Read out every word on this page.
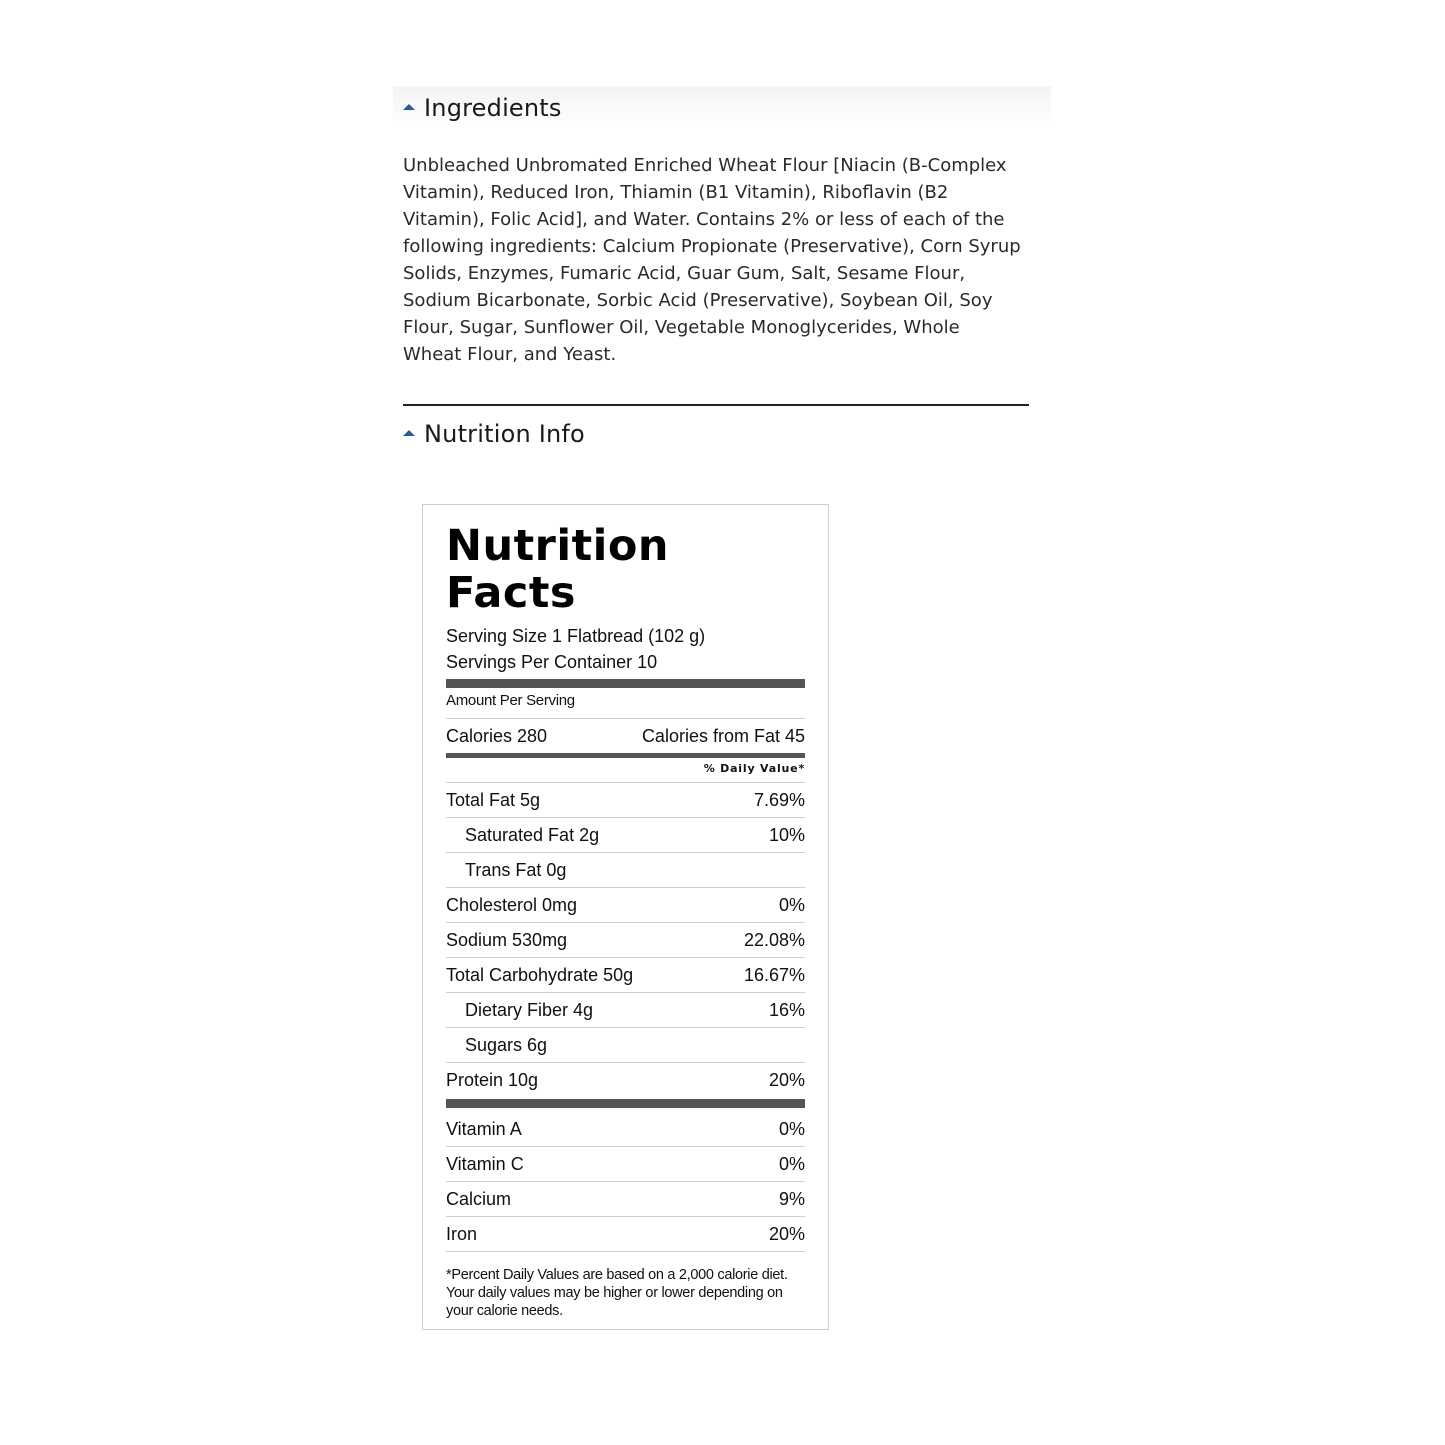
Ingredients
Unbleached Unbromated Enriched Wheat Flour [Niacin (B-Complex Vitamin), Reduced Iron, Thiamin (B1 Vitamin), Riboflavin (B2 Vitamin), Folic Acid], and Water. Contains 2% or less of each of the following ingredients: Calcium Propionate (Preservative), Corn Syrup Solids, Enzymes, Fumaric Acid, Guar Gum, Salt, Sesame Flour, Sodium Bicarbonate, Sorbic Acid (Preservative), Soybean Oil, Soy Flour, Sugar, Sunflower Oil, Vegetable Monoglycerides, Whole Wheat Flour, and Yeast.
Nutrition Info
Nutrition
Facts
Serving Size 1 Flatbread (102 g)
Servings Per Container 10
Amount Per Serving
Calories 280	Calories from Fat 45
% Daily Value*
Total Fat 5g	7.69%
Saturated Fat 2g	10%
Trans Fat 0g
Cholesterol 0mg	0%
Sodium 530mg	22.08%
Total Carbohydrate 50g	16.67%
Dietary Fiber 4g	16%
Sugars 6g
Protein 10g	20%
Vitamin A	0%
Vitamin C	0%
Calcium	9%
Iron	20%
*Percent Daily Values are based on a 2,000 calorie diet. Your daily values may be higher or lower depending on your calorie needs.
